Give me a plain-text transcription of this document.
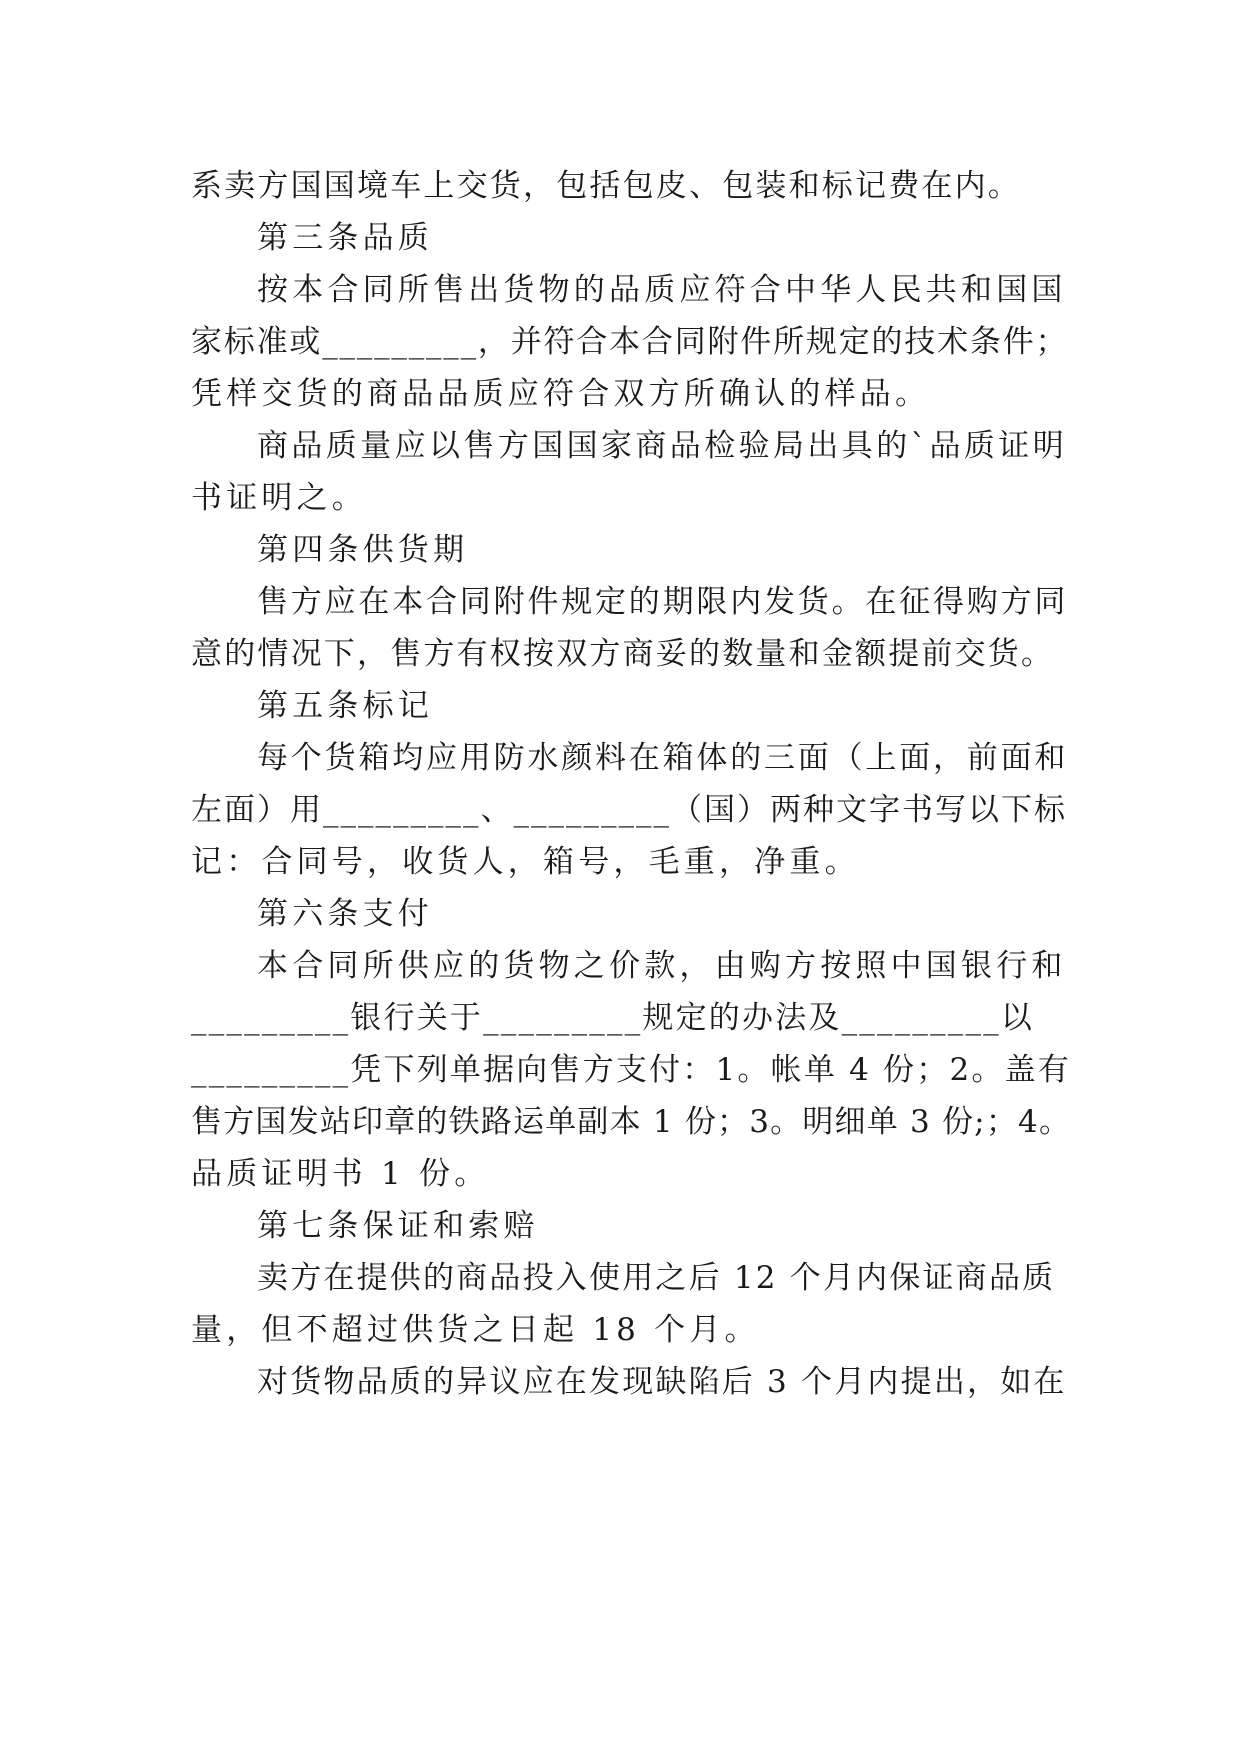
系卖方国国境车上交货，包括包皮、包装和标记费在内。
第三条品质
按本合同所售出货物的品质应符合中华人民共和国国
家标准或_________，并符合本合同附件所规定的技术条件；
凭样交货的商品品质应符合双方所确认的样品。
商品质量应以售方国国家商品检验局出具的`品质证明
书证明之。
第四条供货期
售方应在本合同附件规定的期限内发货。在征得购方同
意的情况下，售方有权按双方商妥的数量和金额提前交货。
第五条标记
每个货箱均应用防水颜料在箱体的三面（上面，前面和
左面）用_________、_________（国）两种文字书写以下标
记：合同号，收货人，箱号，毛重，净重。
第六条支付
本合同所供应的货物之价款，由购方按照中国银行和
_________银行关于_________规定的办法及_________以
_________凭下列单据向售方支付：1。帐单 4 份；2。盖有
售方国发站印章的铁路运单副本 1 份；3。明细单 3 份;；4。
品质证明书 1 份。
第七条保证和索赔
卖方在提供的商品投入使用之后 12 个月内保证商品质
量，但不超过供货之日起 18 个月。
对货物品质的异议应在发现缺陷后 3 个月内提出，如在
